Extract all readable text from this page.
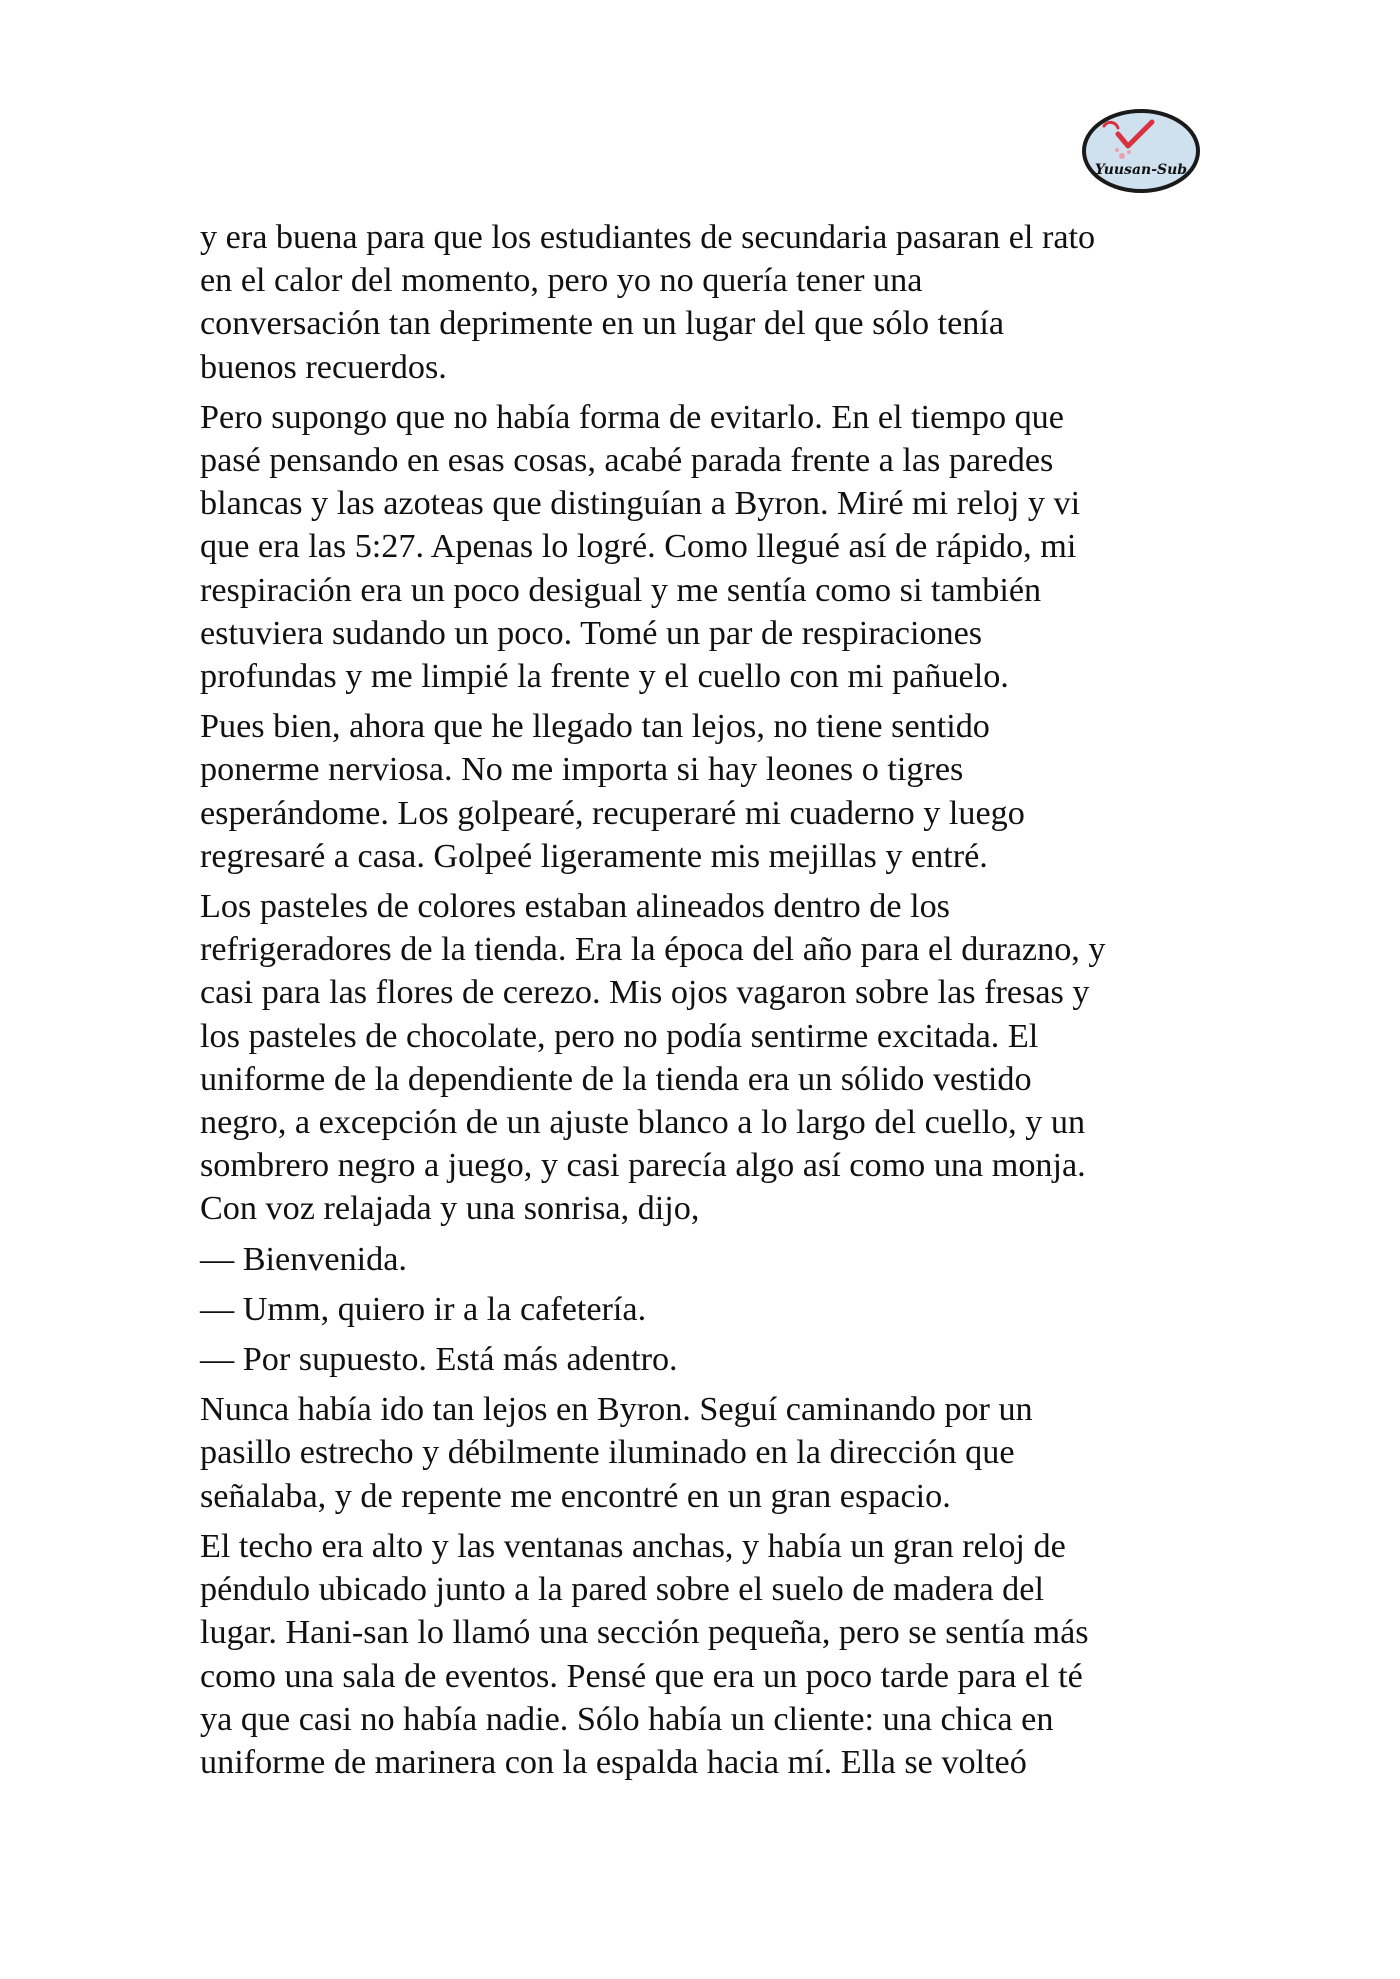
Yuusan-Sub

y era buena para que los estudiantes de secundaria pasaran el rato
en el calor del momento, pero yo no quería tener una
conversación tan deprimente en un lugar del que sólo tenía
buenos recuerdos.

Pero supongo que no había forma de evitarlo. En el tiempo que
pasé pensando en esas cosas, acabé parada frente a las paredes
blancas y las azoteas que distinguían a Byron. Miré mi reloj y vi
que era las 5:27. Apenas lo logré. Como llegué así de rápido, mi
respiración era un poco desigual y me sentía como si también
estuviera sudando un poco. Tomé un par de respiraciones
profundas y me limpié la frente y el cuello con mi pañuelo.

Pues bien, ahora que he llegado tan lejos, no tiene sentido
ponerme nerviosa. No me importa si hay leones o tigres
esperándome. Los golpearé, recuperaré mi cuaderno y luego
regresaré a casa. Golpeé ligeramente mis mejillas y entré.

Los pasteles de colores estaban alineados dentro de los
refrigeradores de la tienda. Era la época del año para el durazno, y
casi para las flores de cerezo. Mis ojos vagaron sobre las fresas y
los pasteles de chocolate, pero no podía sentirme excitada. El
uniforme de la dependiente de la tienda era un sólido vestido
negro, a excepción de un ajuste blanco a lo largo del cuello, y un
sombrero negro a juego, y casi parecía algo así como una monja.
Con voz relajada y una sonrisa, dijo,

— Bienvenida.

— Umm, quiero ir a la cafetería.

— Por supuesto. Está más adentro.

Nunca había ido tan lejos en Byron. Seguí caminando por un
pasillo estrecho y débilmente iluminado en la dirección que
señalaba, y de repente me encontré en un gran espacio.

El techo era alto y las ventanas anchas, y había un gran reloj de
péndulo ubicado junto a la pared sobre el suelo de madera del
lugar. Hani-san lo llamó una sección pequeña, pero se sentía más
como una sala de eventos. Pensé que era un poco tarde para el té
ya que casi no había nadie. Sólo había un cliente: una chica en
uniforme de marinera con la espalda hacia mí. Ella se volteó
